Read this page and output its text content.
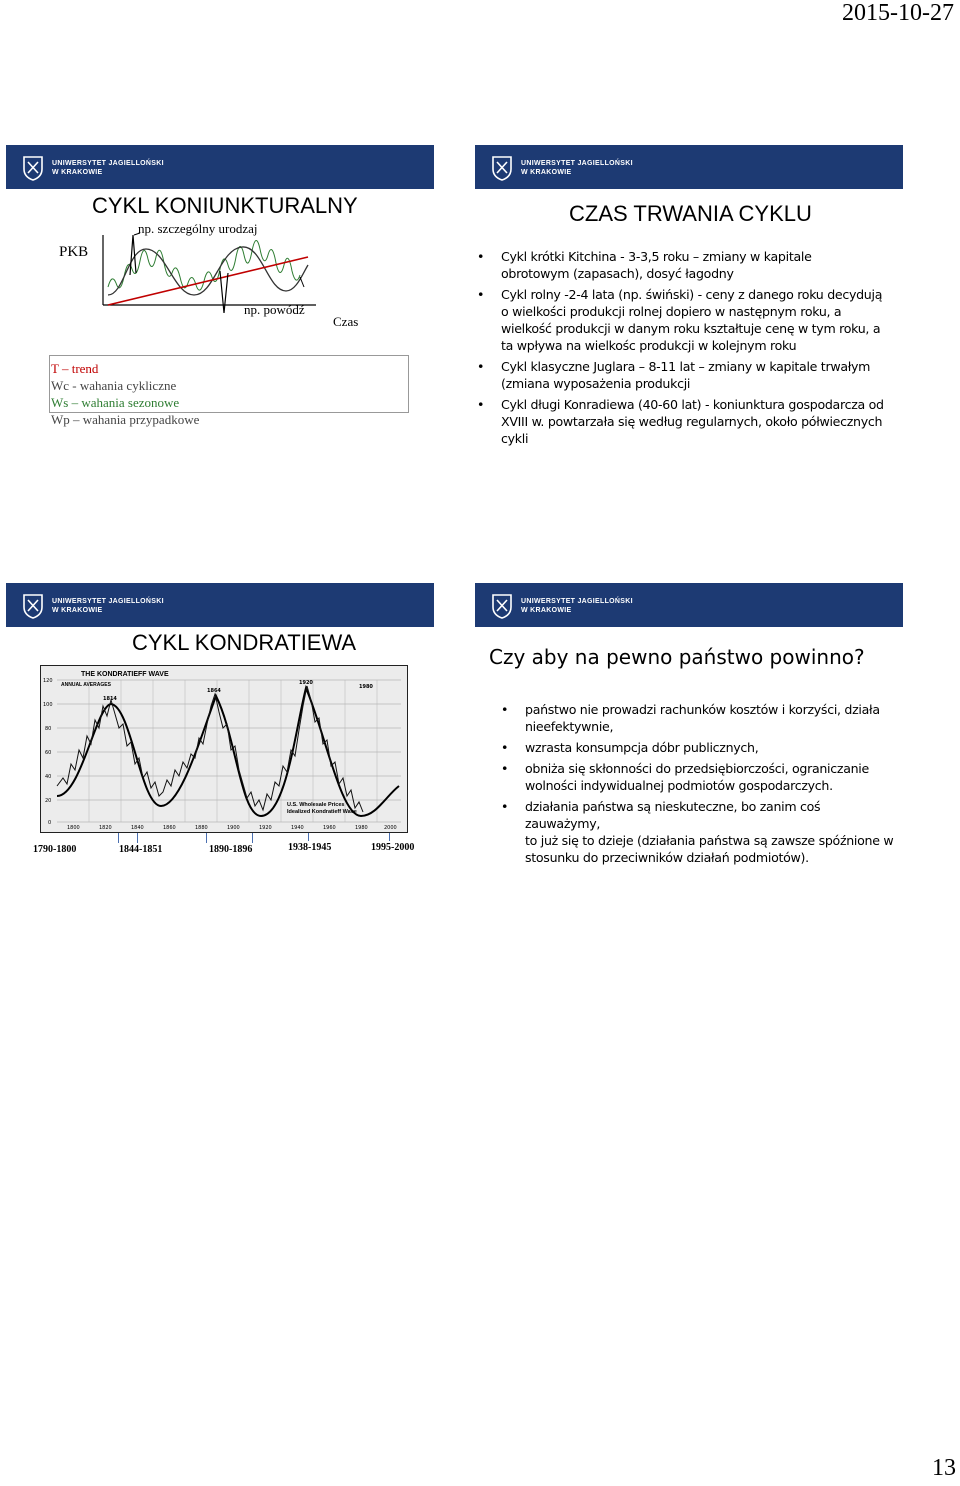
2015-10-27
UNIWERSYTET JAGIELLOŃSKI
W KRAKOWIE
CYKL KONIUNKTURALNY
PKB
np. szczególny urodzaj
np. powódź
Czas
T – trend
Wc - wahania cykliczne
Ws – wahania sezonowe
Wp – wahania przypadkowe
UNIWERSYTET JAGIELLOŃSKI
W KRAKOWIE
CZAS TRWANIA CYKLU
• Cykl krótki Kitchina - 3-3,5 roku – zmiany w kapitale
obrotowym (zapasach), dosyć łagodny
• Cykl rolny -2-4 lata (np. świński) - ceny z danego roku decydują
o wielkości produkcji rolnej dopiero w następnym roku, a
wielkość produkcji w danym roku kształtuje cenę w tym roku, a
ta wpływa na wielkośc produkcji w kolejnym roku
• Cykl klasyczne Juglara – 8-11 lat – zmiany w kapitale trwałym
(zmiana wyposażenia produkcji
• Cykl długi Konradiewa (40-60 lat) - koniunktura gospodarcza od
XVIII w. powtarzała się według regularnych, około półwiecznych
cykli
UNIWERSYTET JAGIELLOŃSKI
W KRAKOWIE
CYKL KONDRATIEWA
120
100
80
60
40
20
0
1800	1820	1840	1860	1880	1900	1920	1940	1960	1980	2000
1814
1864
1920
1980
THE KONDRATIEFF WAVE
ANNUAL AVERAGES
U.S. Wholesale Prices
Idealized Kondratieff Wave
1790-1800	1844-1851	1890-1896	1938-1945	1995-2000
UNIWERSYTET JAGIELLOŃSKI
W KRAKOWIE
Czy aby na pewno państwo powinno?
• państwo nie prowadzi rachunków kosztów i korzyści, działa
nieefektywnie,
• wzrasta konsumpcja dóbr publicznych,
• obniża się skłonności do przedsiębiorczości, ograniczanie
wolności indywidualnej podmiotów gospodarczych.
• działania państwa są nieskuteczne, bo zanim coś zauważymy,
to już się to dzieje (działania państwa są zawsze spóźnione w
stosunku do przeciwników działań podmiotów).
13
